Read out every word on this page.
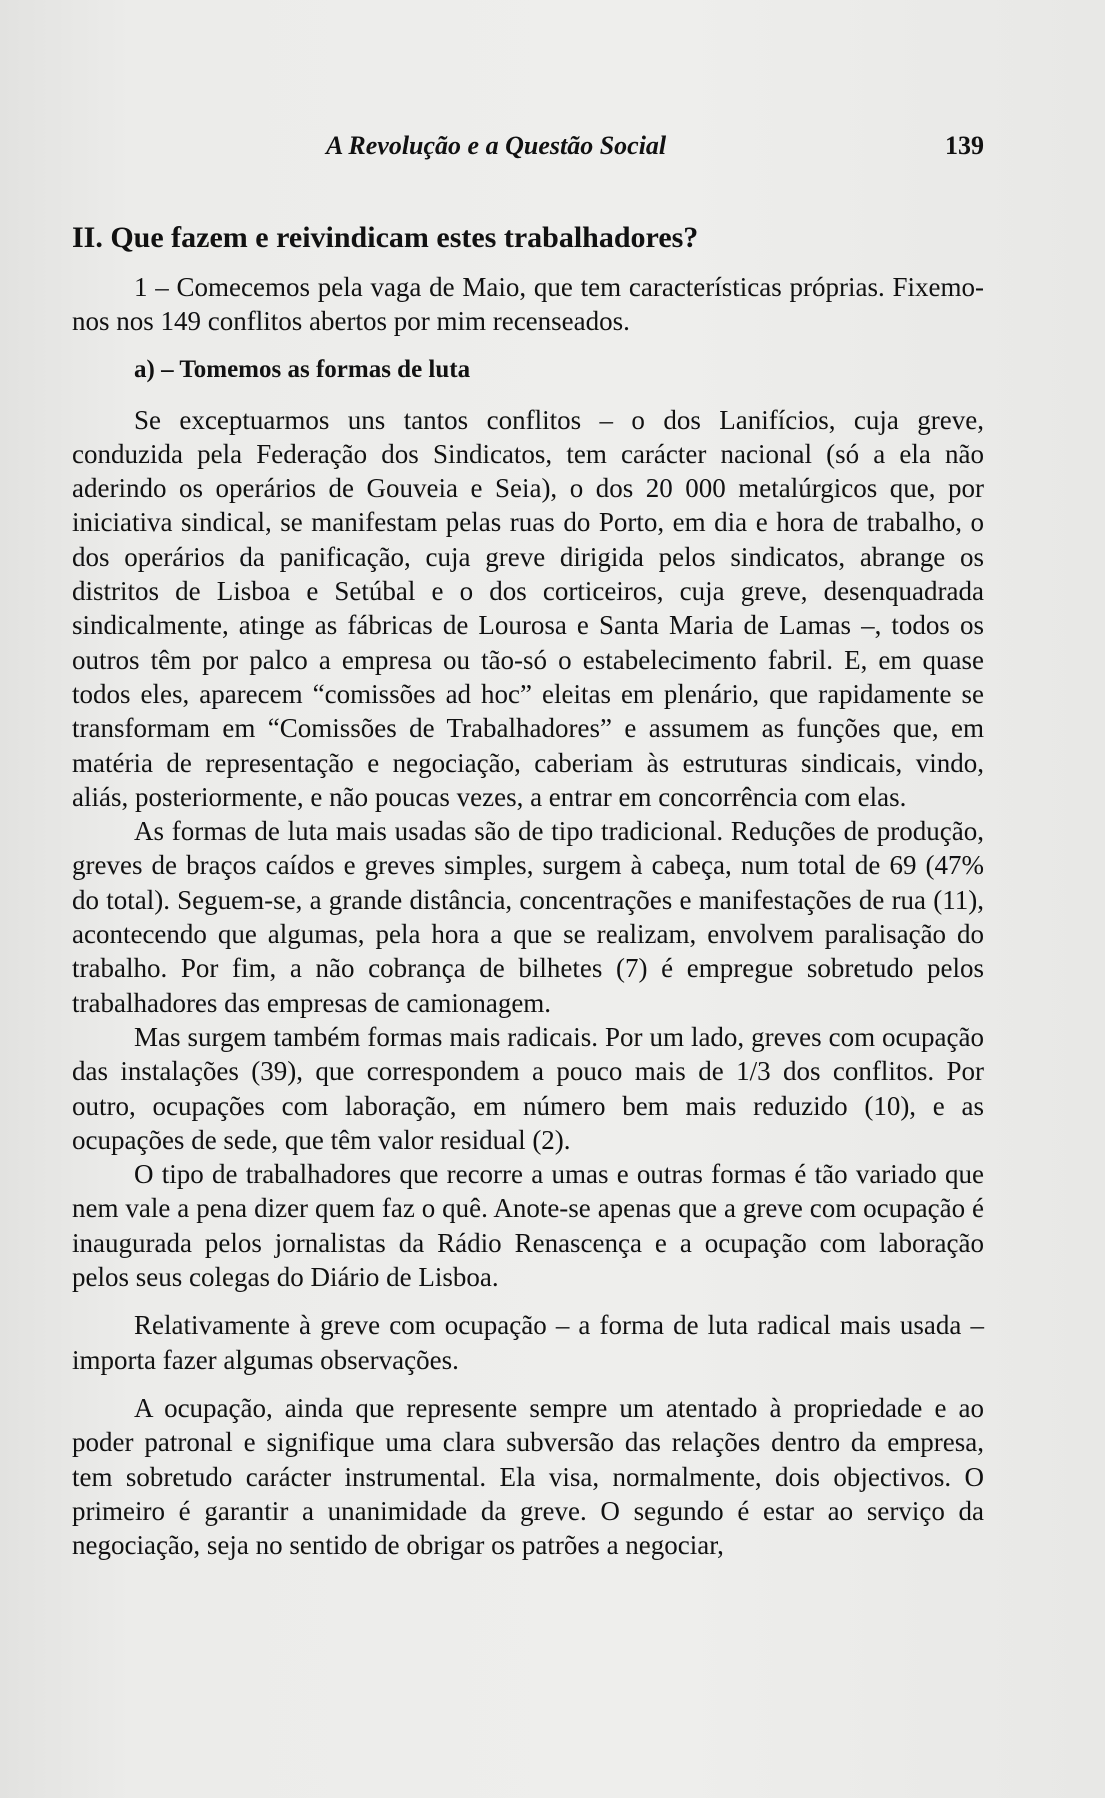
A Revolução e a Questão Social	139
II. Que fazem e reivindicam estes trabalhadores?

1 – Comecemos pela vaga de Maio, que tem características próprias. Fixemo-nos nos 149 conflitos abertos por mim recenseados.

a) – Tomemos as formas de luta

Se exceptuarmos uns tantos conflitos – o dos Lanifícios, cuja greve, conduzida pela Federação dos Sindicatos, tem carácter nacional (só a ela não aderindo os operários de Gouveia e Seia), o dos 20 000 metalúrgicos que, por iniciativa sindical, se manifestam pelas ruas do Porto, em dia e hora de trabalho, o dos operários da panificação, cuja greve dirigida pelos sindicatos, abrange os distritos de Lisboa e Setúbal e o dos corticeiros, cuja greve, desenquadrada sindicalmente, atinge as fábricas de Lourosa e Santa Maria de Lamas –, todos os outros têm por palco a empresa ou tão-só o estabelecimento fabril. E, em quase todos eles, aparecem “comissões ad hoc” eleitas em plenário, que rapidamente se transformam em “Comissões de Trabalhadores” e assumem as funções que, em matéria de representação e negociação, caberiam às estruturas sindicais, vindo, aliás, posteriormente, e não poucas vezes, a entrar em concorrência com elas.

As formas de luta mais usadas são de tipo tradicional. Reduções de produção, greves de braços caídos e greves simples, surgem à cabeça, num total de 69 (47% do total). Seguem-se, a grande distância, concentrações e manifestações de rua (11), acontecendo que algumas, pela hora a que se realizam, envolvem paralisação do trabalho. Por fim, a não cobrança de bilhetes (7) é empregue sobretudo pelos trabalhadores das empresas de camionagem.

Mas surgem também formas mais radicais. Por um lado, greves com ocupação das instalações (39), que correspondem a pouco mais de 1/3 dos conflitos. Por outro, ocupações com laboração, em número bem mais reduzido (10), e as ocupações de sede, que têm valor residual (2).

O tipo de trabalhadores que recorre a umas e outras formas é tão variado que nem vale a pena dizer quem faz o quê. Anote-se apenas que a greve com ocupação é inaugurada pelos jornalistas da Rádio Renascença e a ocupação com laboração pelos seus colegas do Diário de Lisboa.

Relativamente à greve com ocupação – a forma de luta radical mais usada – importa fazer algumas observações.

A ocupação, ainda que represente sempre um atentado à propriedade e ao poder patronal e signifique uma clara subversão das relações dentro da empresa, tem sobretudo carácter instrumental. Ela visa, normalmente, dois objectivos. O primeiro é garantir a unanimidade da greve. O segundo é estar ao serviço da negociação, seja no sentido de obrigar os patrões a negociar,
